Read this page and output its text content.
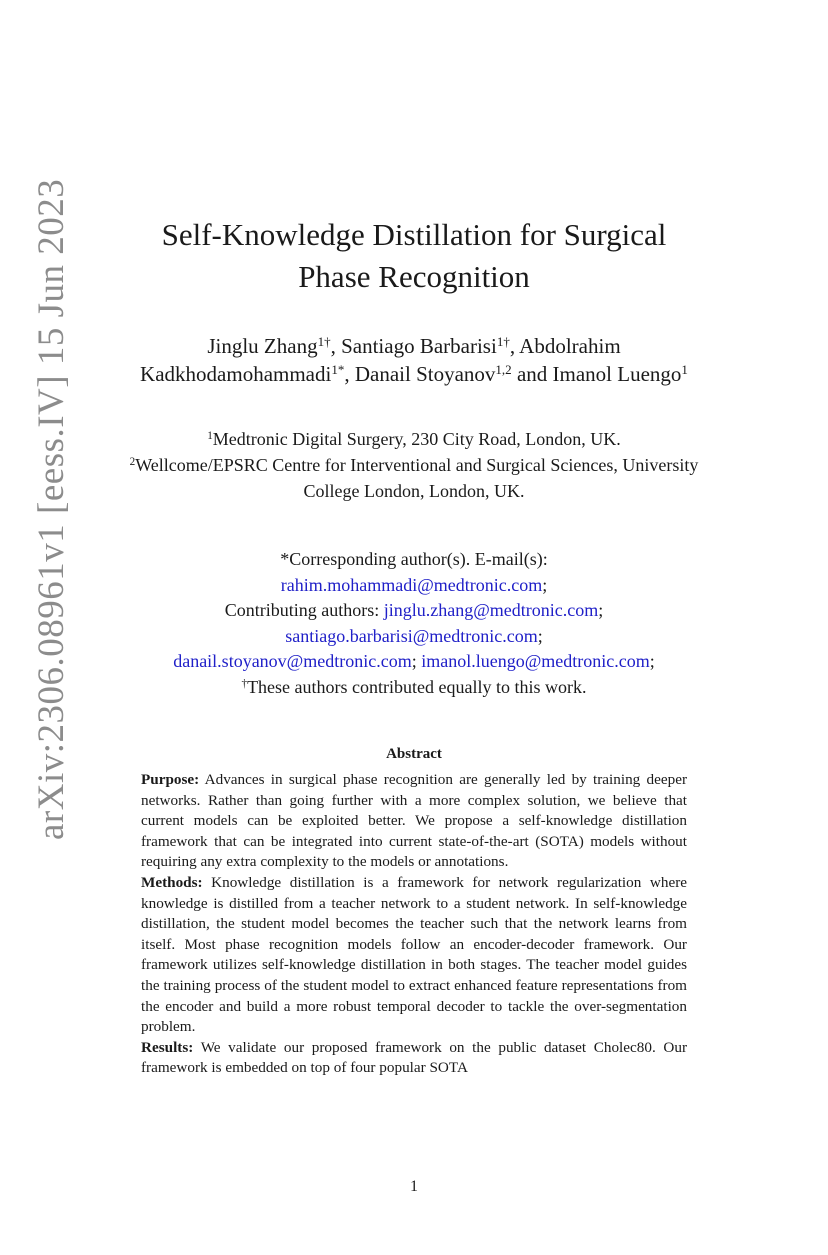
arXiv:2306.08961v1 [eess.IV] 15 Jun 2023	Self-Knowledge Distillation for Surgical
Phase Recognition
Jinglu Zhang$^{1\dagger}$, Santiago Barbarisi$^{1\dagger}$, Abdolrahim Kadkhodamohammadi$^{1*}$, Danail Stoyanov$^{1,2}$ and Imanol Luengo$^1$
$^1$Medtronic Digital Surgery, 230 City Road, London, UK.
$^2$Wellcome/EPSRC Centre for Interventional and Surgical Sciences, University College London, London, UK.
*Corresponding author(s). E-mail(s):
rahim.mohammadi@medtronic.com;
Contributing authors: jinglu.zhang@medtronic.com;
santiago.barbarisi@medtronic.com;
danail.stoyanov@medtronic.com; imanol.luengo@medtronic.com;
†These authors contributed equally to this work.
Abstract

Purpose: Advances in surgical phase recognition are generally led by training deeper networks. Rather than going further with a more complex solution, we believe that current models can be exploited better. We propose a self-knowledge distillation framework that can be integrated into current state-of-the-art (SOTA) models without requiring any extra complexity to the models or annotations.

Methods: Knowledge distillation is a framework for network regularization where knowledge is distilled from a teacher network to a student network. In self-knowledge distillation, the student model becomes the teacher such that the network learns from itself. Most phase recognition models follow an encoder-decoder framework. Our framework utilizes self-knowledge distillation in both stages. The teacher model guides the training process of the student model to extract enhanced feature representations from the encoder and build a more robust temporal decoder to tackle the over-segmentation problem.

Results: We validate our proposed framework on the public dataset Cholec80. Our framework is embedded on top of four popular SOTA

1
